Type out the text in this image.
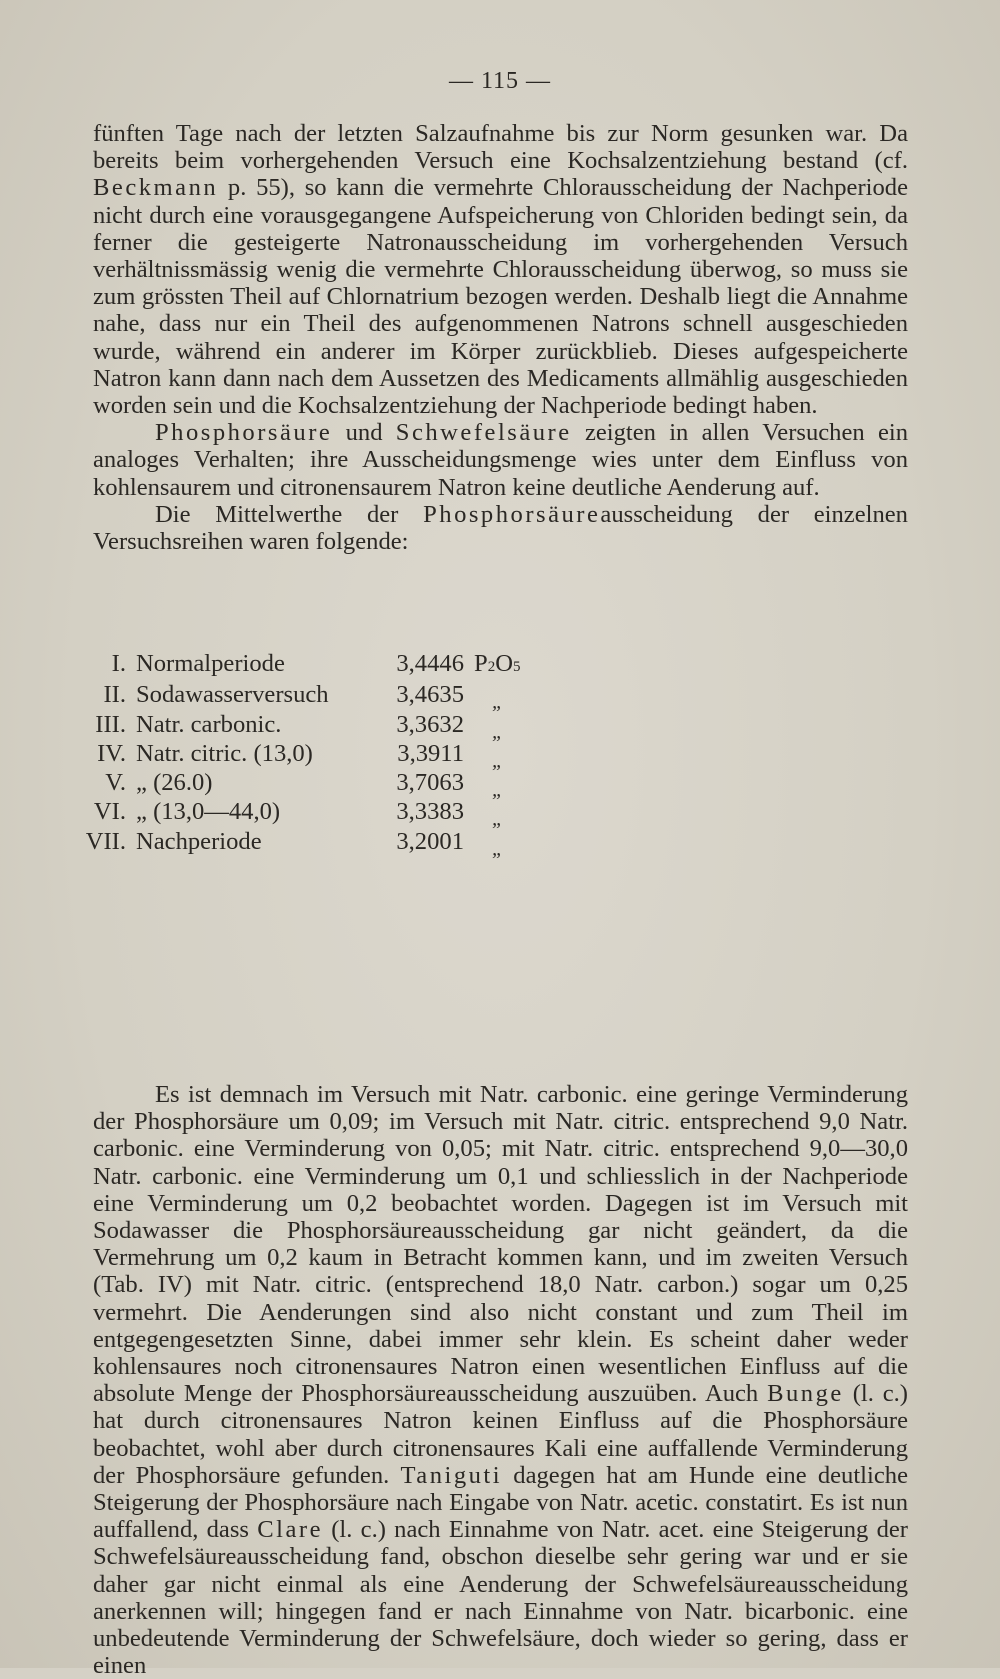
— 115 —

fünften Tage nach der letzten Salzaufnahme bis zur Norm gesunken war. Da bereits beim vorhergehenden Versuch eine Kochsalzentziehung bestand (cf. Beckmann p. 55), so kann die vermehrte Chlorausscheidung der Nachperiode nicht durch eine vorausgegangene Aufspeicherung von Chloriden bedingt sein, da ferner die gesteigerte Natronausscheidung im vorhergehenden Versuch verhältnissmässig wenig die vermehrte Chlorausscheidung überwog, so muss sie zum grössten Theil auf Chlornatrium bezogen werden. Deshalb liegt die Annahme nahe, dass nur ein Theil des aufgenommenen Natrons schnell ausgeschieden wurde, während ein anderer im Körper zurückblieb. Dieses aufgespeicherte Natron kann dann nach dem Aussetzen des Medicaments allmählig ausgeschieden worden sein und die Kochsalzentziehung der Nachperiode bedingt haben.

Phosphorsäure und Schwefelsäure zeigten in allen Versuchen ein analoges Verhalten; ihre Ausscheidungsmenge wies unter dem Einfluss von kohlensaurem und citronensaurem Natron keine deutliche Aenderung auf.

Die Mittelwerthe der Phosphorsäureausscheidung der einzelnen Versuchsreihen waren folgende:

I.	Normalperiode	3,4446	P2O5
II.	Sodawasserversuch	3,4635	$_„$
III.	Natr. carbonic.	3,3632	$_„$
IV.	Natr. citric. (13,0)	3,3911	$_„$
V.	„ (26.0)	3,7063	$_„$
VI.	„ (13,0—44,0)	3,3383	$_„$
VII.	Nachperiode	3,2001	$_„$

Es ist demnach im Versuch mit Natr. carbonic. eine geringe Verminderung der Phosphorsäure um 0,09; im Versuch mit Natr. citric. entsprechend 9,0 Natr. carbonic. eine Verminderung von 0,05; mit Natr. citric. entsprechend 9,0—30,0 Natr. carbonic. eine Verminderung um 0,1 und schliesslich in der Nachperiode eine Verminderung um 0,2 beobachtet worden. Dagegen ist im Versuch mit Sodawasser die Phosphorsäureausscheidung gar nicht geändert, da die Vermehrung um 0,2 kaum in Betracht kommen kann, und im zweiten Versuch (Tab. IV) mit Natr. citric. (entsprechend 18,0 Natr. carbon.) sogar um 0,25 vermehrt. Die Aenderungen sind also nicht constant und zum Theil im entgegengesetzten Sinne, dabei immer sehr klein. Es scheint daher weder kohlensaures noch citronensaures Natron einen wesentlichen Einfluss auf die absolute Menge der Phosphorsäureausscheidung auszuüben. Auch Bunge (l. c.) hat durch citronensaures Natron keinen Einfluss auf die Phosphorsäure beobachtet, wohl aber durch citronensaures Kali eine auffallende Verminderung der Phosphorsäure gefunden. Taniguti dagegen hat am Hunde eine deutliche Steigerung der Phosphorsäure nach Eingabe von Natr. acetic. constatirt. Es ist nun auffallend, dass Clare (l. c.) nach Einnahme von Natr. acet. eine Steigerung der Schwefelsäureausscheidung fand, obschon dieselbe sehr gering war und er sie daher gar nicht einmal als eine Aenderung der Schwefelsäureausscheidung anerkennen will; hingegen fand er nach Einnahme von Natr. bicarbonic. eine unbedeutende Verminderung der Schwefelsäure, doch wieder so gering, dass er einen
